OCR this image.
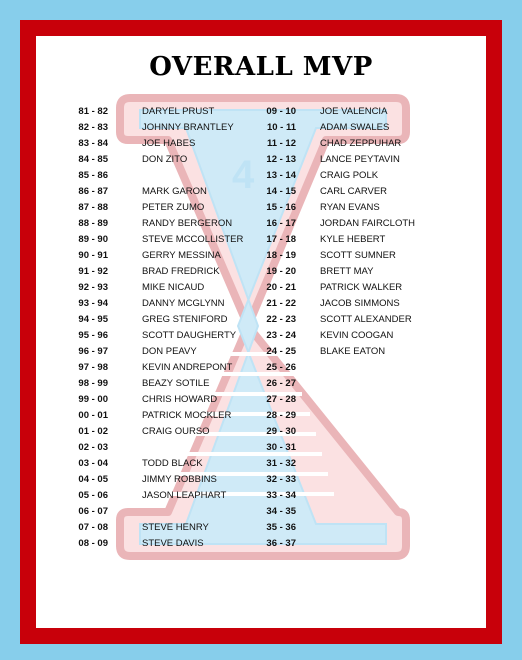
4
OVERALL MVP
81 - 82	DARYEL PRUST
82 - 83	JOHNNY BRANTLEY
83 - 84	JOE HABES
84 - 85	DON ZITO
85 - 86
86 - 87	MARK GARON
87 - 88	PETER ZUMO
88 - 89	RANDY BERGERON
89 - 90	STEVE MCCOLLISTER
90 - 91	GERRY MESSINA
91 - 92	BRAD FREDRICK
92 - 93	MIKE NICAUD
93 - 94	DANNY MCGLYNN
94 - 95	GREG STENIFORD
95 - 96	SCOTT DAUGHERTY
96 - 97	DON PEAVY
97 - 98	KEVIN ANDREPONT
98 - 99	BEAZY SOTILE
99 - 00	CHRIS HOWARD
00 - 01	PATRICK MOCKLER
01 - 02	CRAIG OURSO
02 - 03
03 - 04	TODD BLACK
04 - 05	JIMMY ROBBINS
05 - 06	JASON LEAPHART
06 - 07
07 - 08	STEVE HENRY
08 - 09	STEVE DAVIS
09 - 10	JOE VALENCIA
10 - 11	ADAM SWALES
11 - 12	CHAD ZEPPUHAR
12 - 13	LANCE PEYTAVIN
13 - 14	CRAIG POLK
14 - 15	CARL CARVER
15 - 16	RYAN EVANS
16 - 17	JORDAN FAIRCLOTH
17 - 18	KYLE HEBERT
18 - 19	SCOTT SUMNER
19 - 20	BRETT MAY
20 - 21	PATRICK WALKER
21 - 22	JACOB SIMMONS
22 - 23	SCOTT ALEXANDER
23 - 24	KEVIN COOGAN
24 - 25	BLAKE EATON
25 - 26
26 - 27
27 - 28
28 - 29
29 - 30
30 - 31
31 - 32
32 - 33
33 - 34
34 - 35
35 - 36
36 - 37
